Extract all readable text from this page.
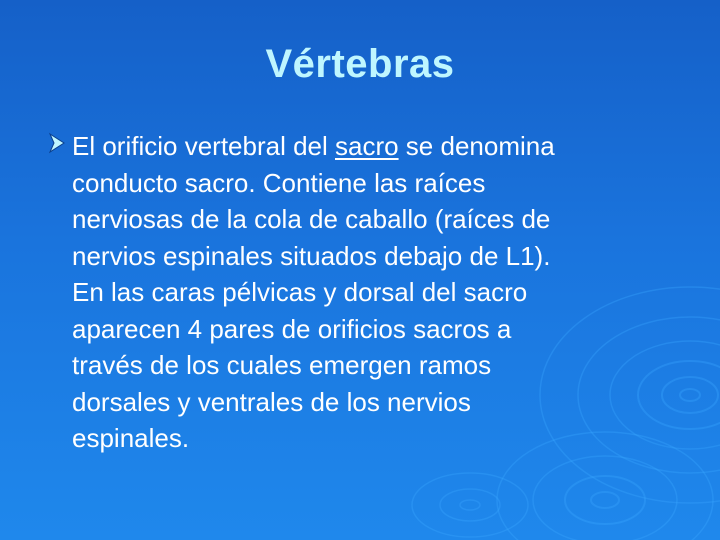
Vértebras
El orificio vertebral del sacro se denomina
conducto sacro. Contiene las raíces
nerviosas de la cola de caballo (raíces de
nervios espinales situados debajo de L1).
En las caras pélvicas y dorsal del sacro
aparecen 4 pares de orificios sacros a
través de los cuales emergen ramos
dorsales y ventrales de los nervios
espinales.
